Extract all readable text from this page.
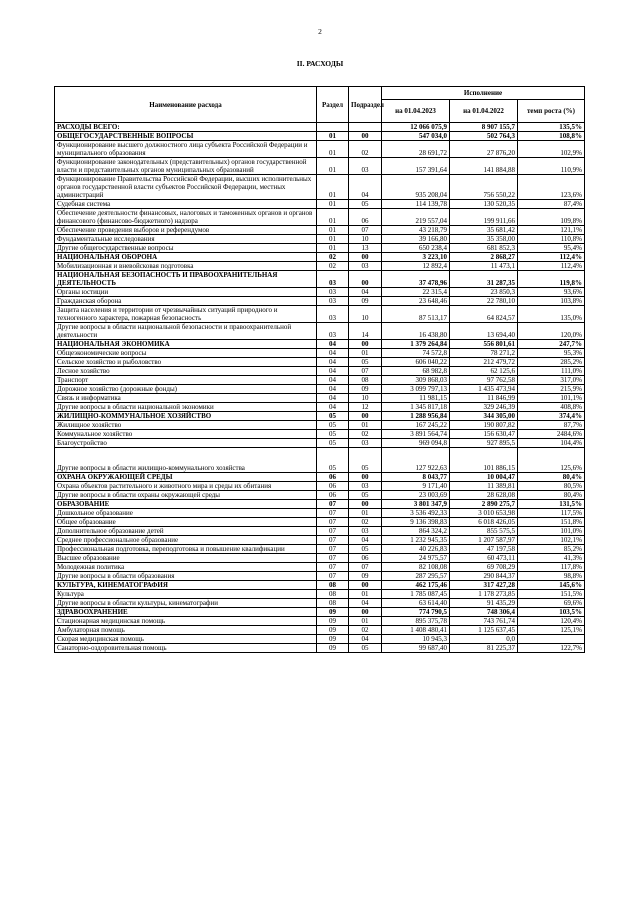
2
II. РАСХОДЫ
Наименование расхода	Раздел	Подраздел	Исполнение		
			на 01.04.2023	на 01.04.2022	темп роста (%)
РАСХОДЫ ВСЕГО:			12 066 075,9	8 907 155,7	135,5%
ОБЩЕГОСУДАРСТВЕННЫЕ ВОПРОСЫ	01	00	547 034,0	502 764,3	108,8%
Функционирование высшего должностного лица субъекта Российской Федерации и муниципального образования	01	02	28 691,72	27 876,20	102,9%
Функционирование законодательных (представительных) органов государственной власти и представительных органов муниципальных образований	01	03	157 391,64	141 884,88	110,9%
Функционирование Правительства Российской Федерации, высших исполнительных органов государственной власти субъектов Российской Федерации, местных администраций	01	04	935 208,04	756 550,22	123,6%
Судебная система	01	05	114 139,78	130 520,35	87,4%
Обеспечение деятельности финансовых, налоговых и таможенных органов и органов финансового (финансово-бюджетного) надзора	01	06	219 557,04	199 911,66	109,8%
Обеспечение проведения выборов и референдумов	01	07	43 218,79	35 681,42	121,1%
Фундаментальные исследования	01	10	39 166,80	35 358,00	110,8%
Другие общегосударственные вопросы	01	13	650 238,4	681 852,3	95,4%
НАЦИОНАЛЬНАЯ ОБОРОНА	02	00	3 223,10	2 868,27	112,4%
Мобилизационная и вневойсковая подготовка	02	03	12 892,4	11 473,1	112,4%
НАЦИОНАЛЬНАЯ БЕЗОПАСНОСТЬ И ПРАВООХРАНИТЕЛЬНАЯ ДЕЯТЕЛЬНОСТЬ	03	00	37 478,96	31 287,35	119,8%
Органы юстиции	03	04	22 315,4	23 850,3	93,6%
Гражданская оборона	03	09	23 648,46	22 780,10	103,8%
Защита населения и территории от чрезвычайных ситуаций природного и техногенного характера, пожарная безопасность	03	10	87 513,17	64 824,57	135,0%
Другие вопросы в области национальной безопасности и правоохранительной деятельности	03	14	16 438,80	13 694,40	120,0%
НАЦИОНАЛЬНАЯ ЭКОНОМИКА	04	00	1 379 264,84	556 801,61	247,7%
Общеэкономические вопросы	04	01	74 572,8	78 271,2	95,3%
Сельское хозяйство и рыболовство	04	05	606 040,22	212 479,72	285,2%
Лесное хозяйство	04	07	68 982,8	62 125,6	111,0%
Транспорт	04	08	309 868,03	97 762,58	317,0%
Дорожное хозяйство (дорожные фонды)	04	09	3 099 797,13	1 435 473,94	215,9%
Связь и информатика	04	10	11 981,15	11 846,99	101,1%
Другие вопросы в области национальной экономики	04	12	1 345 817,18	329 246,39	408,8%
ЖИЛИЩНО-КОММУНАЛЬНОЕ ХОЗЯЙСТВО	05	00	1 288 956,84	344 305,00	374,4%
Жилищное хозяйство	05	01	167 245,22	190 807,82	87,7%
Коммунальное хозяйство	05	02	3 891 564,74	156 630,47	2484,6%
Благоустройство	05	03	969 094,8	927 895,5	104,4%
Другие вопросы в области жилищно-коммунального хозяйства	05	05	127 922,63	101 886,15	125,6%
ОХРАНА ОКРУЖАЮЩЕЙ СРЕДЫ	06	00	8 043,77	10 004,47	80,4%
Охрана объектов растительного и животного мира и среды их обитания	06	03	9 171,40	11 389,81	80,5%
Другие вопросы в области охраны окружающей среды	06	05	23 003,69	28 628,08	80,4%
ОБРАЗОВАНИЕ	07	00	3 801 347,9	2 890 275,7	131,5%
Дошкольное образование	07	01	3 536 492,33	3 010 653,98	117,5%
Общее образование	07	02	9 136 398,83	6 018 426,05	151,8%
Дополнительное образование детей	07	03	864 324,2	855 575,5	101,0%
Среднее профессиональное образование	07	04	1 232 945,35	1 207 587,97	102,1%
Профессиональная подготовка, переподготовка и повышение квалификации	07	05	40 226,83	47 197,58	85,2%
Высшее образование	07	06	24 975,57	60 473,11	41,3%
Молодежная политика	07	07	82 108,08	69 708,29	117,8%
Другие вопросы в области образования	07	09	287 295,57	290 844,37	98,8%
КУЛЬТУРА, КИНЕМАТОГРАФИЯ	08	00	462 175,46	317 427,28	145,6%
Культура	08	01	1 785 087,45	1 178 273,85	151,5%
Другие вопросы в области культуры, кинематографии	08	04	63 614,40	91 435,29	69,6%
ЗДРАВООХРАНЕНИЕ	09	00	774 790,5	748 306,4	103,5%
Стационарная медицинская помощь	09	01	895 375,78	743 761,74	120,4%
Амбулаторная помощь	09	02	1 408 480,41	1 125 637,45	125,1%
Скорая медицинская помощь	09	04	10 945,3	0,0	
Санаторно-оздоровительная помощь	09	05	99 687,40	81 225,37	122,7%
